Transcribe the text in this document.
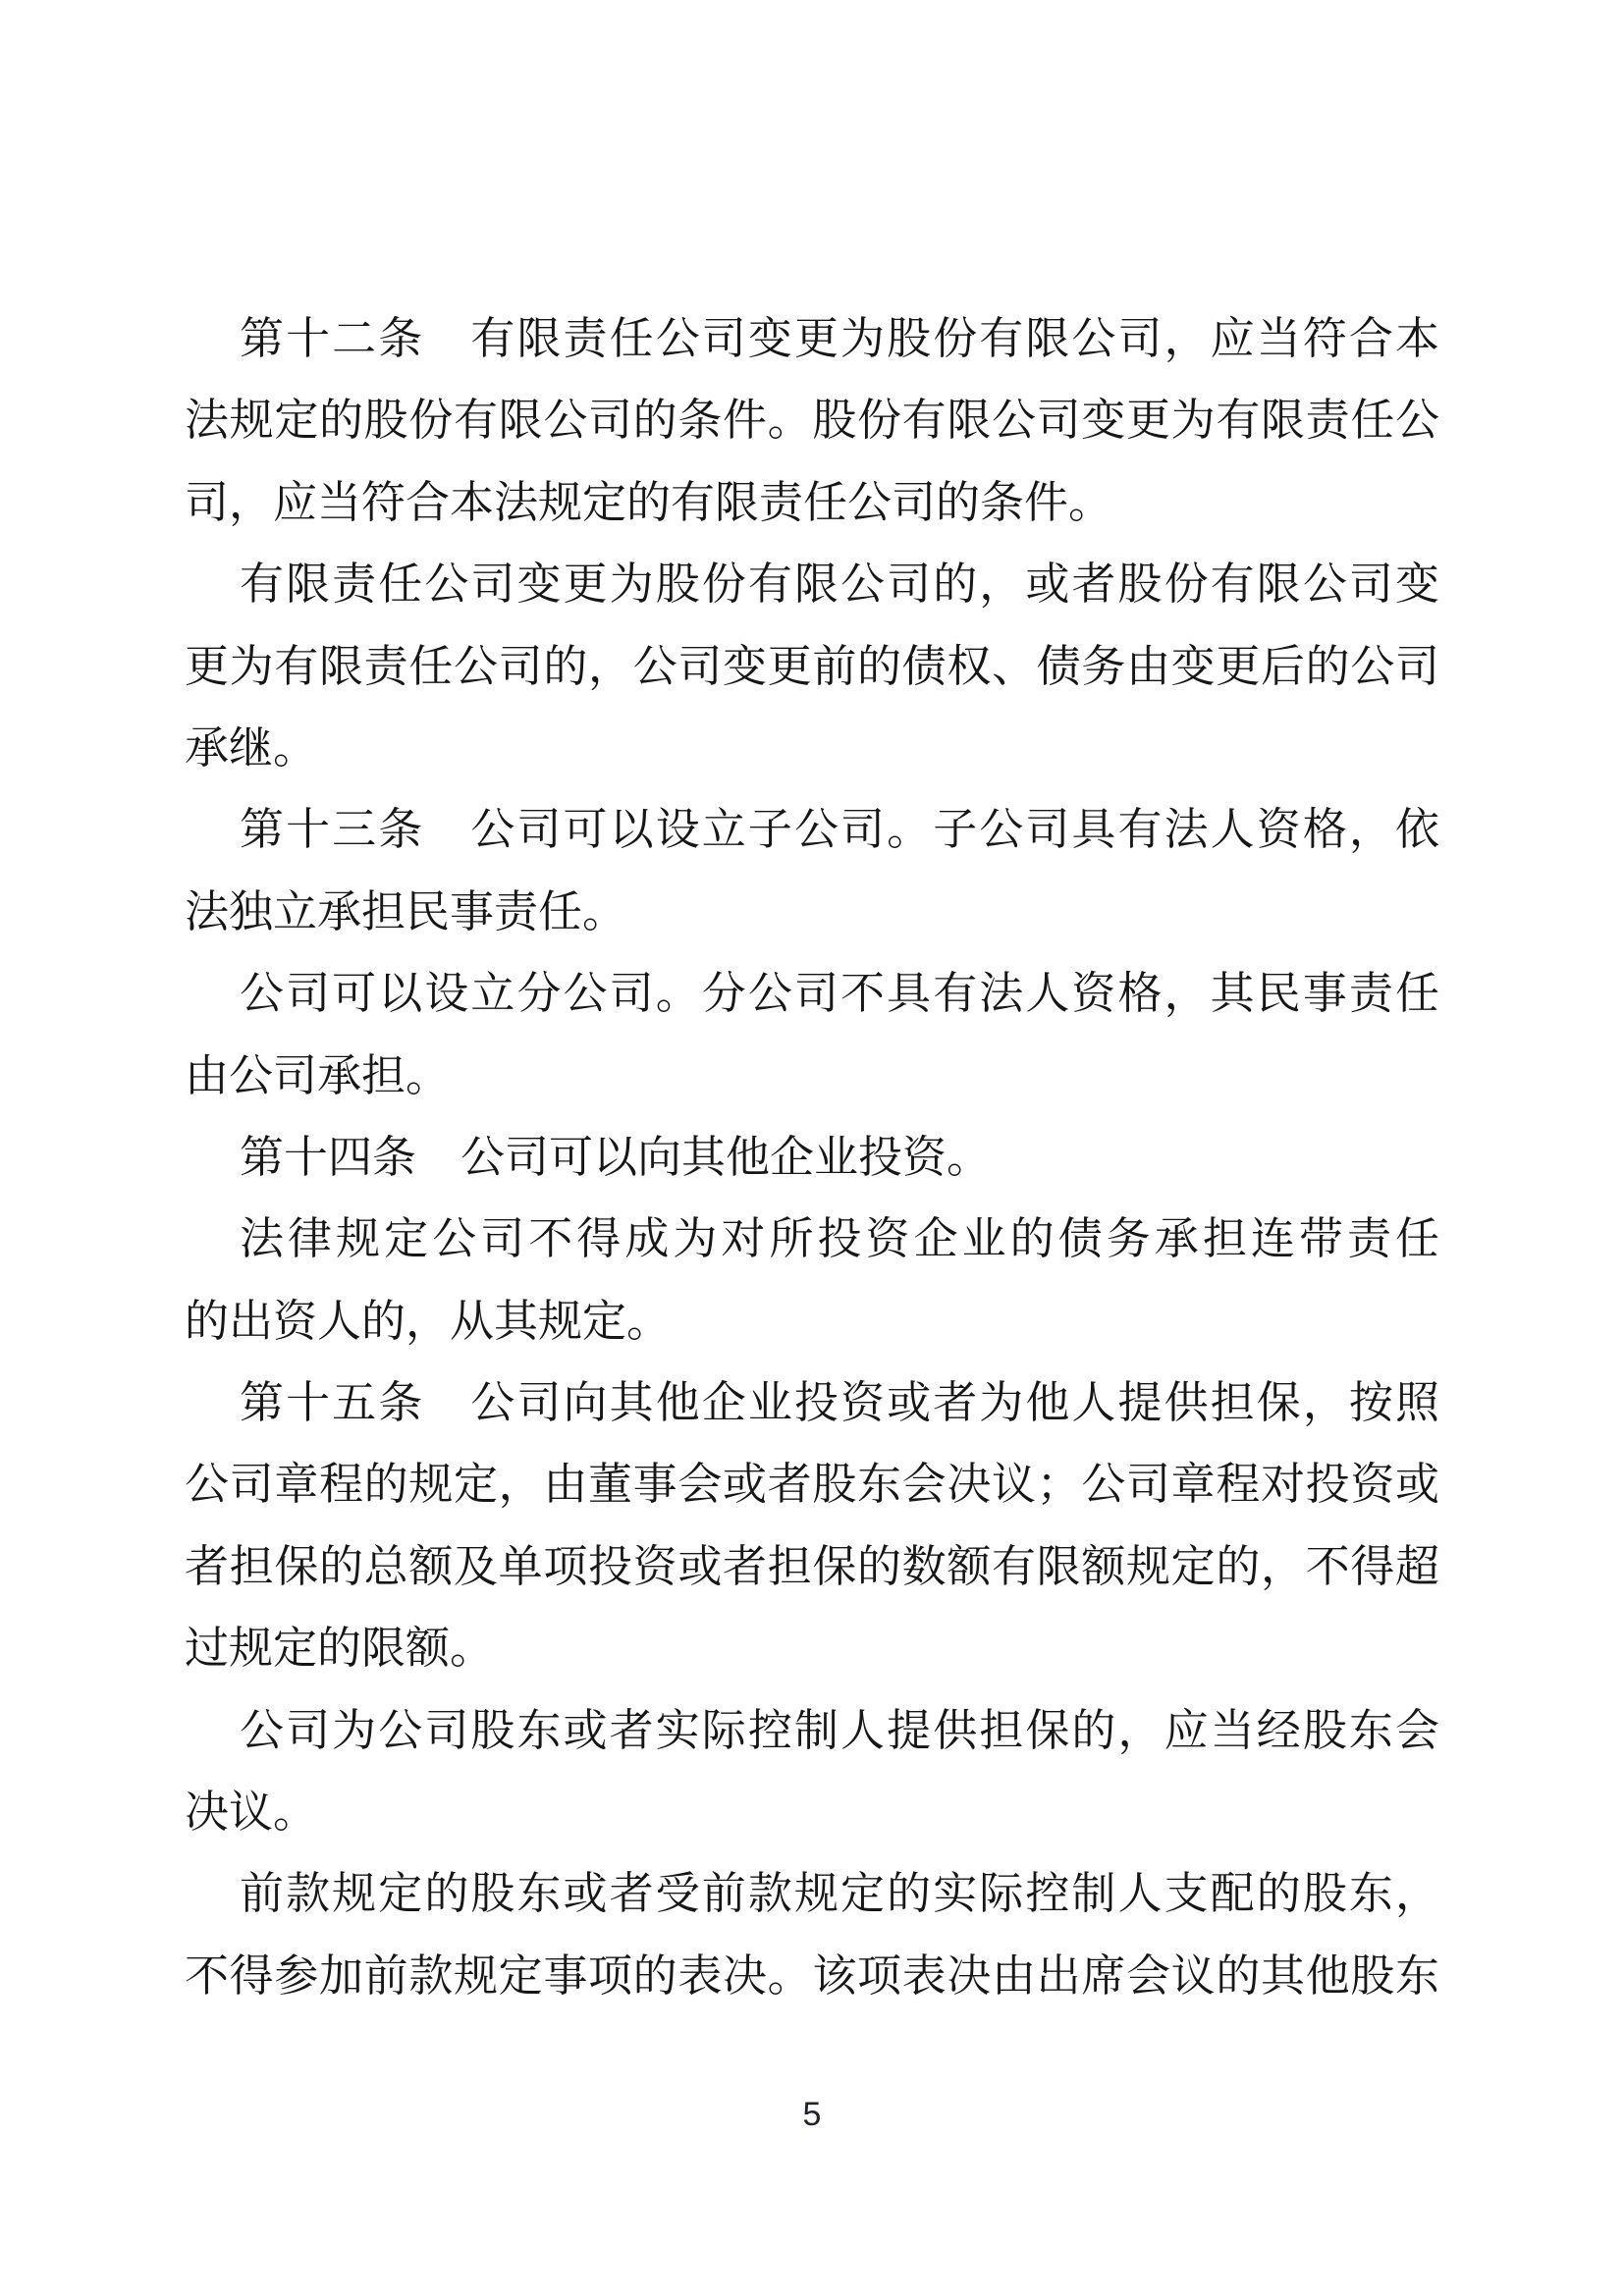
第十二条　有限责任公司变更为股份有限公司，应当符合本
法规定的股份有限公司的条件。股份有限公司变更为有限责任公
司，应当符合本法规定的有限责任公司的条件。
有限责任公司变更为股份有限公司的，或者股份有限公司变
更为有限责任公司的，公司变更前的债权、债务由变更后的公司
承继。
第十三条　公司可以设立子公司。子公司具有法人资格，依
法独立承担民事责任。
公司可以设立分公司。分公司不具有法人资格，其民事责任
由公司承担。
第十四条　公司可以向其他企业投资。
法律规定公司不得成为对所投资企业的债务承担连带责任
的出资人的，从其规定。
第十五条　公司向其他企业投资或者为他人提供担保，按照
公司章程的规定，由董事会或者股东会决议；公司章程对投资或
者担保的总额及单项投资或者担保的数额有限额规定的，不得超
过规定的限额。
公司为公司股东或者实际控制人提供担保的，应当经股东会
决议。
前款规定的股东或者受前款规定的实际控制人支配的股东，
不得参加前款规定事项的表决。该项表决由出席会议的其他股东
5
